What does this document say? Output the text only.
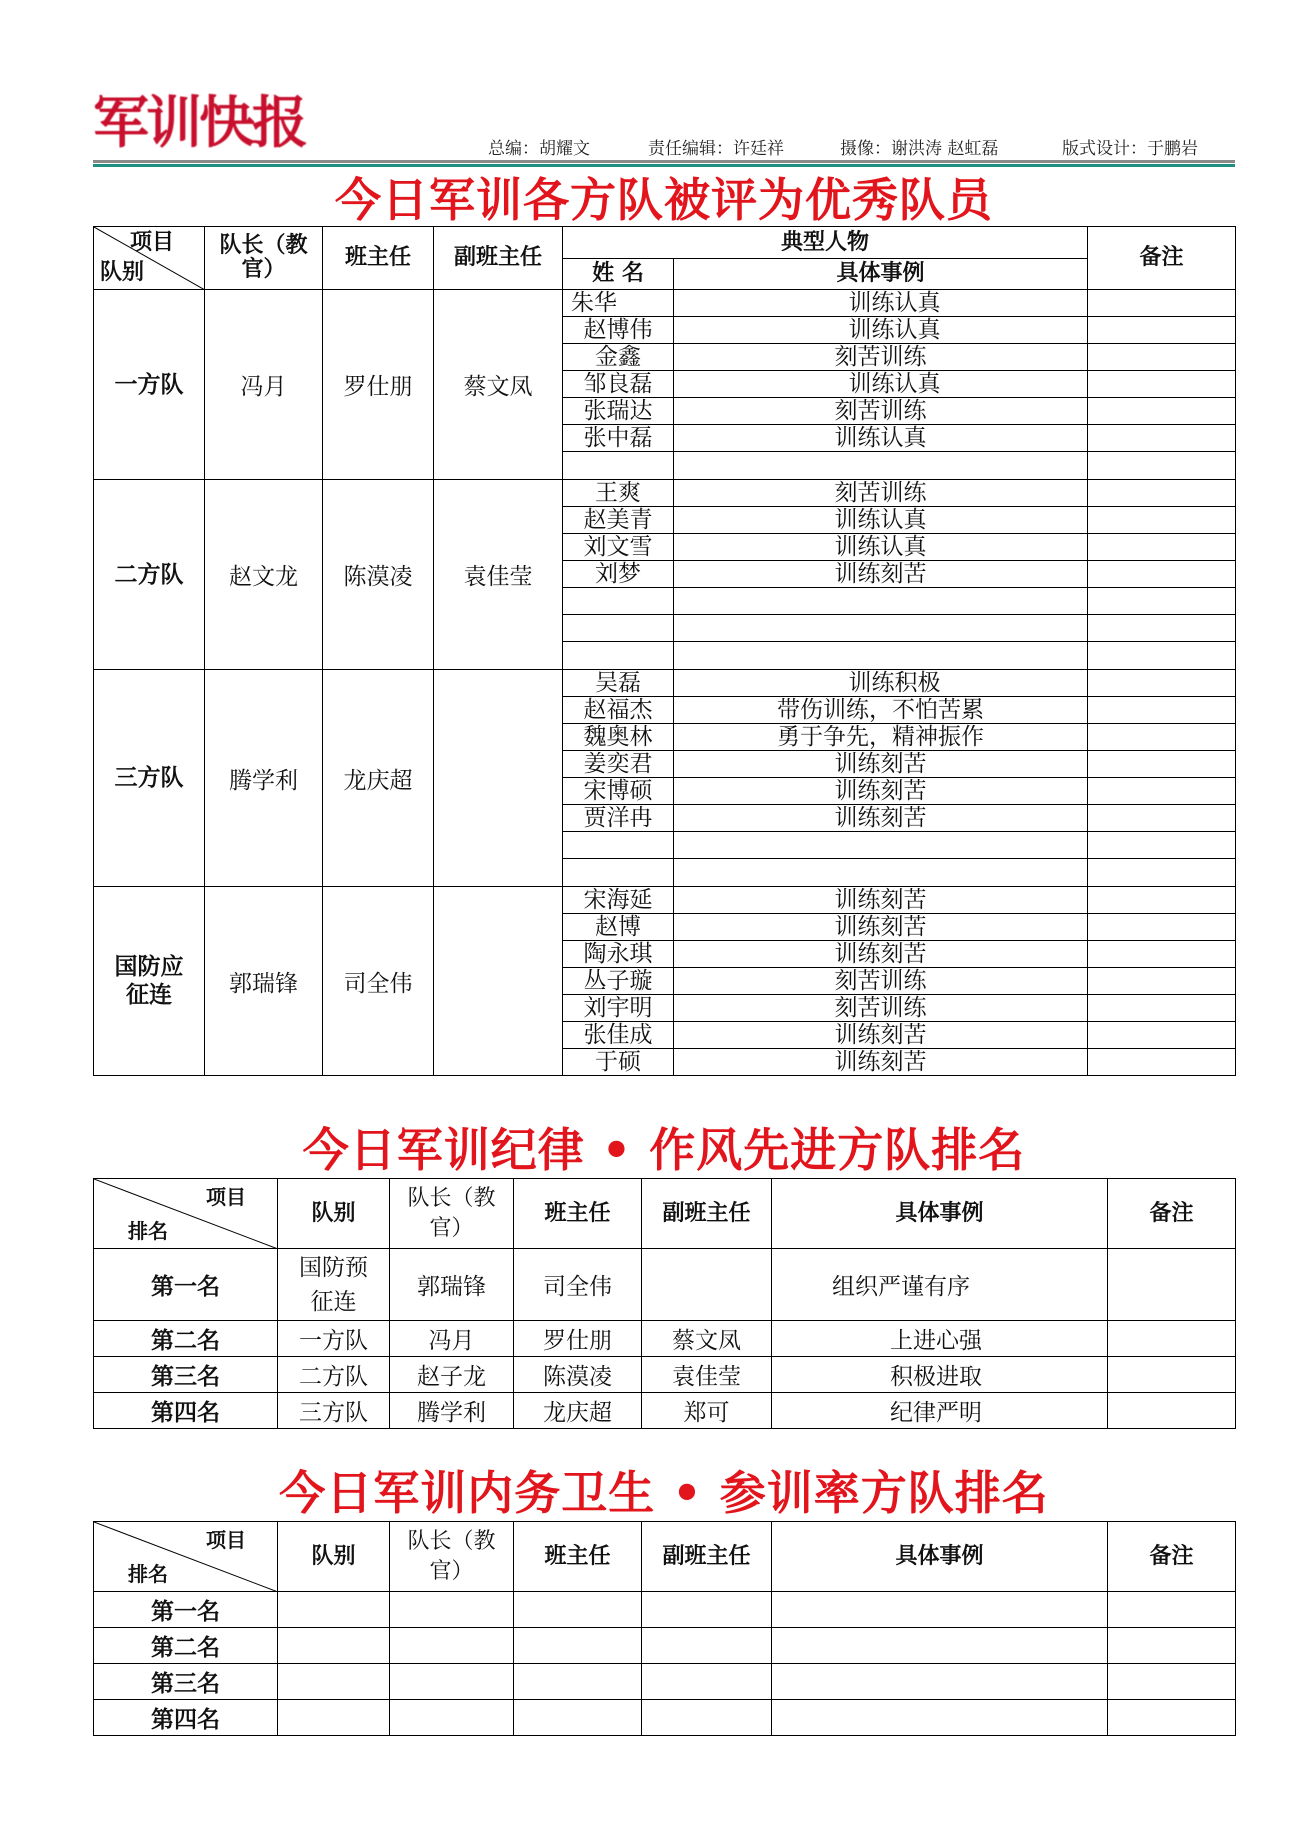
军训快报	总编：胡耀文	责任编辑：许廷祥	摄像：谢洪涛 赵虹磊	版式设计：于鹏岩
今日军训各方队被评为优秀队员
项目
队别	队长（教官）	班主任	副班主任	典型人物		备注
				姓 名	具体事例	
一方队	冯月	罗仕朋	蔡文凤	朱华	训练认真	
				赵博伟	训练认真	
				金鑫	刻苦训练	
				邹良磊	训练认真	
				张瑞达	刻苦训练	
				张中磊	训练认真	

二方队	赵文龙	陈漠凌	袁佳莹	王爽	刻苦训练	
				赵美青	训练认真	
				刘文雪	训练认真	
				刘梦	训练刻苦	

三方队	腾学利	龙庆超		吴磊	训练积极	
				赵福杰	带伤训练，不怕苦累	
				魏奥林	勇于争先，精神振作	
				姜奕君	训练刻苦	
				宋博硕	训练刻苦	
				贾洋冉	训练刻苦	

国防应征连	郭瑞锋	司全伟		宋海延	训练刻苦	
				赵博	训练刻苦	
				陶永琪	训练刻苦	
				丛子璇	刻苦训练	
				刘宇明	刻苦训练	
				张佳成	训练刻苦	
				于硕	训练刻苦	
今日军训纪律 • 作风先进方队排名
项目
排名	队别	队长（教官）	班主任	副班主任	具体事例	备注
第一名	国防预征连	郭瑞锋	司全伟		组织严谨有序	
第二名	一方队	冯月	罗仕朋	蔡文凤	上进心强	
第三名	二方队	赵子龙	陈漠凌	袁佳莹	积极进取	
第四名	三方队	腾学利	龙庆超	郑可	纪律严明	
今日军训内务卫生 • 参训率方队排名
项目
排名	队别	队长（教官）	班主任	副班主任	具体事例	备注
第一名						
第二名						
第三名						
第四名						
